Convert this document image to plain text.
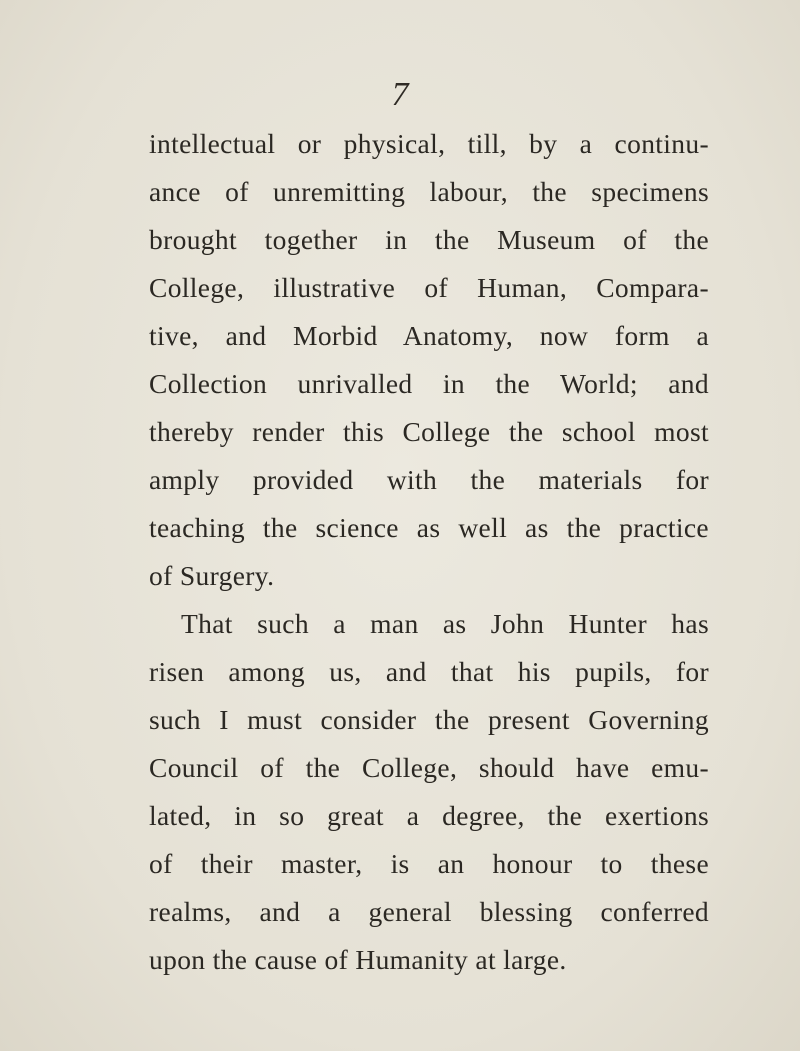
7
intellectual or physical, till, by a continu-
ance of unremitting labour, the specimens
brought together in the Museum of the
College, illustrative of Human, Compara-
tive, and Morbid Anatomy, now form a
Collection unrivalled in the World; and
thereby render this College the school most
amply provided with the materials for
teaching the science as well as the practice
of Surgery.
That such a man as John Hunter has
risen among us, and that his pupils, for
such I must consider the present Governing
Council of the College, should have emu-
lated, in so great a degree, the exertions
of their master, is an honour to these
realms, and a general blessing conferred
upon the cause of Humanity at large.
